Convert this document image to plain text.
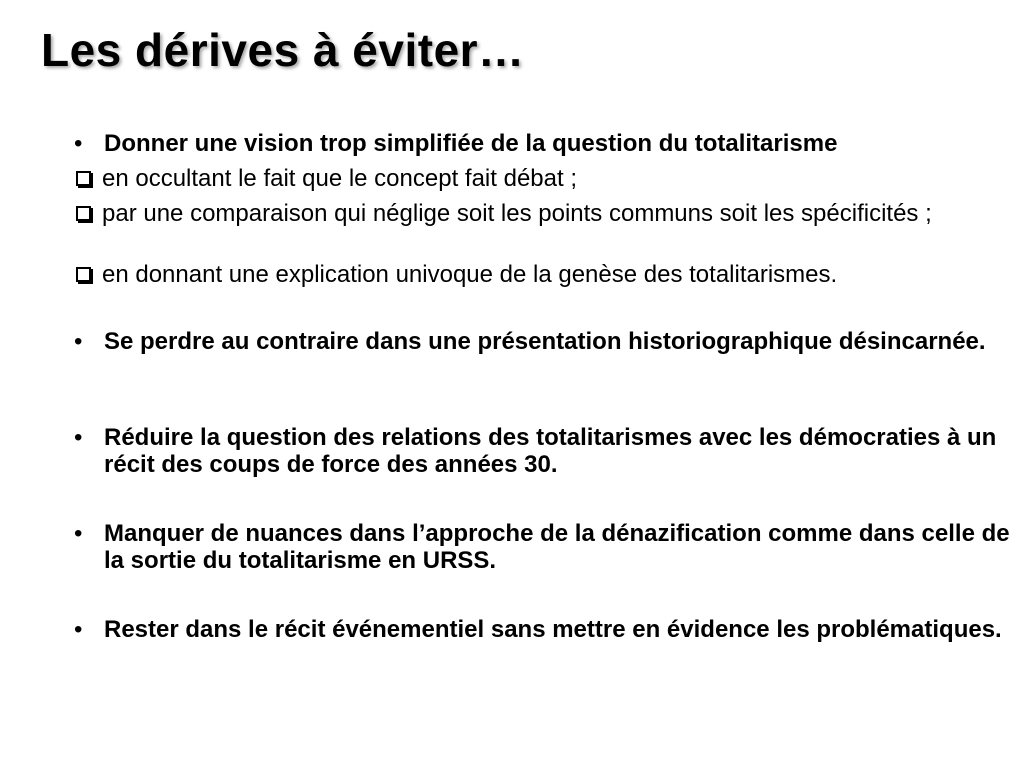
Les dérives à éviter…
• Donner une vision trop simplifiée de la question du totalitarisme
en occultant le fait que le concept fait débat ;
par une comparaison qui néglige soit les points communs soit les spécificités ;
en donnant une explication univoque de la genèse des totalitarismes.
• Se perdre au contraire dans une présentation historiographique désincarnée.
• Réduire la question des relations des totalitarismes avec les démocraties à un récit des coups de force des années 30.
• Manquer de nuances dans l’approche de la dénazification comme dans celle de la sortie du totalitarisme en URSS.
• Rester dans le récit événementiel sans mettre en évidence les problématiques.
